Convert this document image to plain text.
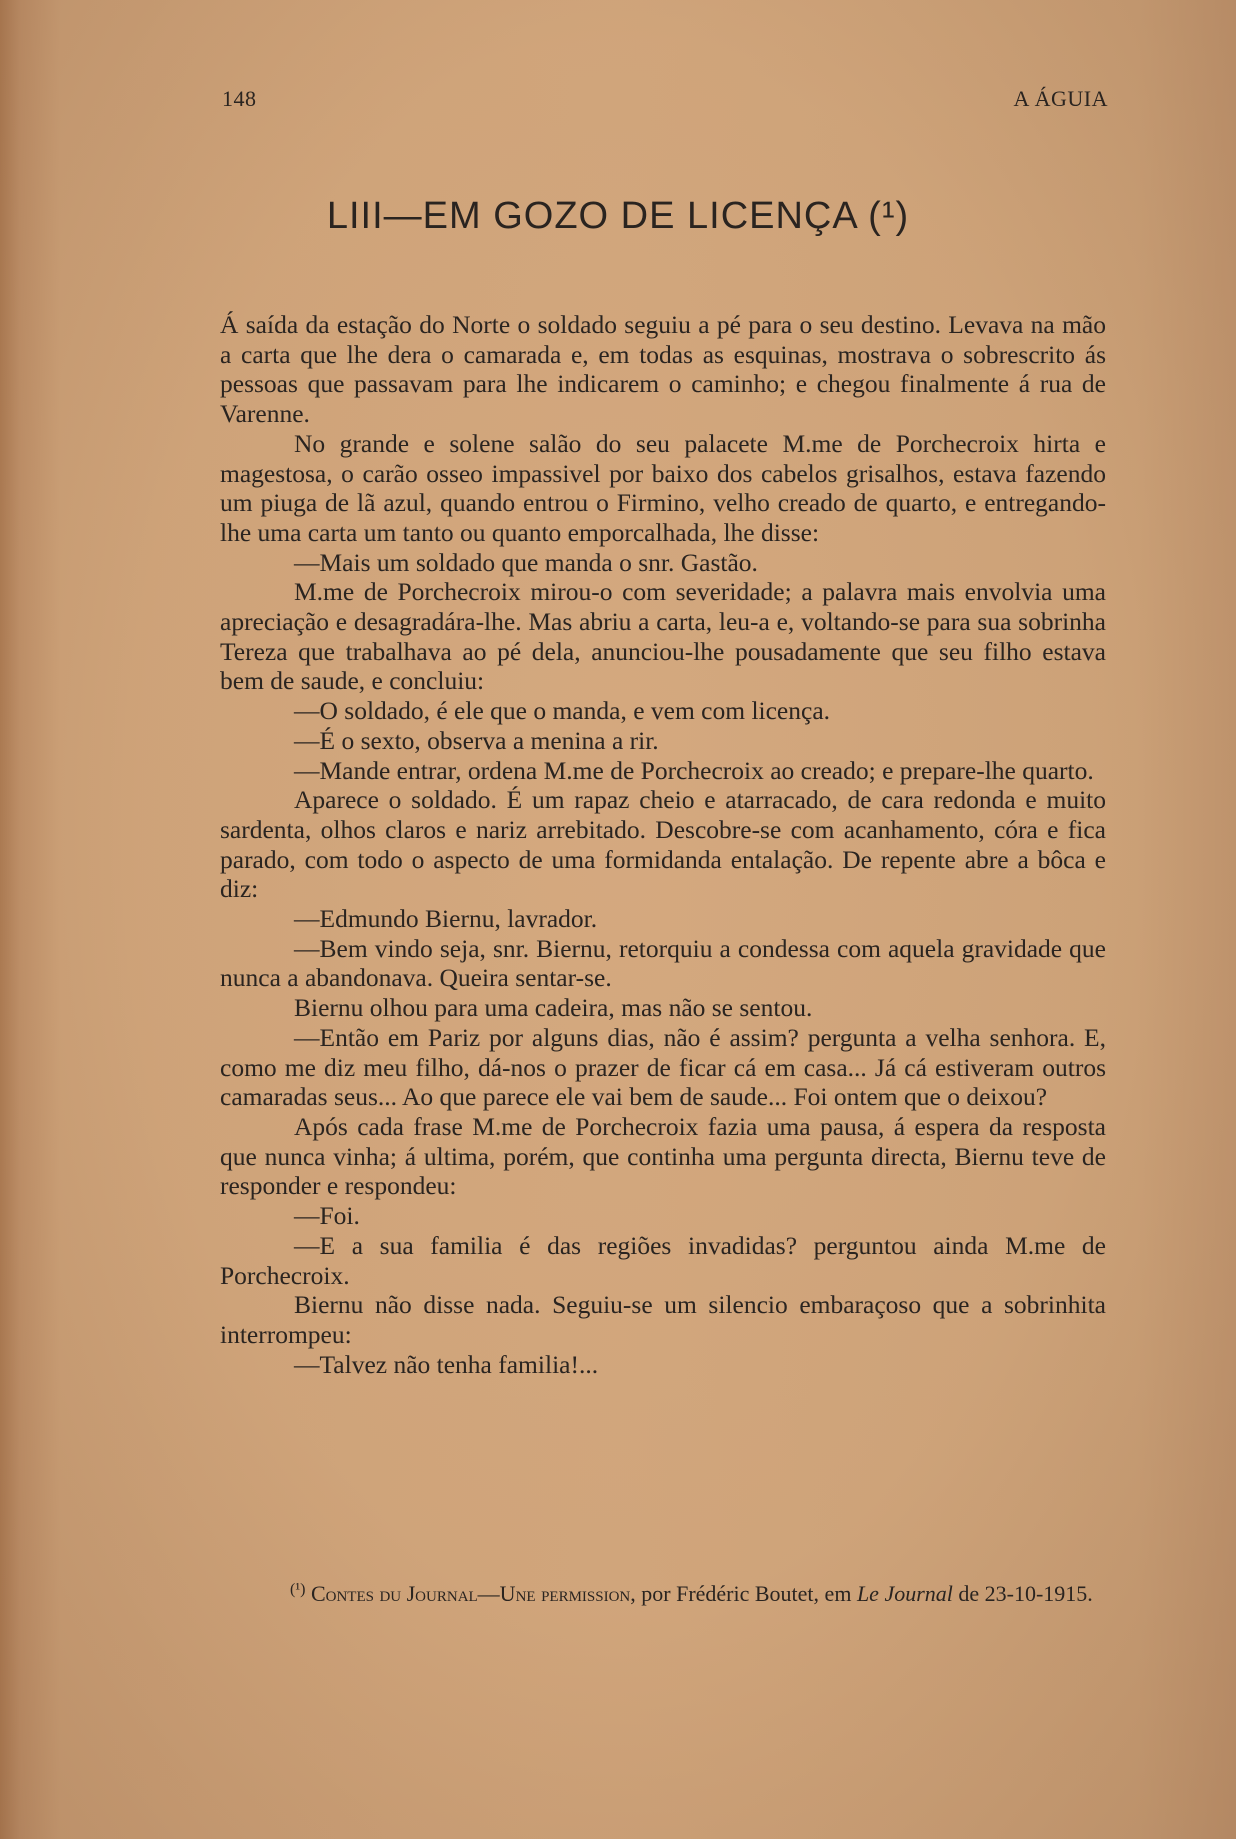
148	A ÁGUIA
LIII—EM GOZO DE LICENÇA (¹)

Á saída da estação do Norte o soldado seguiu a pé para o seu destino. Levava na mão a carta que lhe dera o camarada e, em todas as esquinas, mostrava o sobrescrito ás pessoas que passavam para lhe indicarem o caminho; e chegou finalmente á rua de Varenne.

No grande e solene salão do seu palacete M.me de Porchecroix hirta e magestosa, o carão osseo impassivel por baixo dos cabelos grisalhos, estava fazendo um piuga de lã azul, quando entrou o Firmino, velho creado de quarto, e entregando-lhe uma carta um tanto ou quanto emporcalhada, lhe disse:

—Mais um soldado que manda o snr. Gastão.

M.me de Porchecroix mirou-o com severidade; a palavra mais envolvia uma apreciação e desagradára-lhe. Mas abriu a carta, leu-a e, voltando-se para sua sobrinha Tereza que trabalhava ao pé dela, anunciou-lhe pousadamente que seu filho estava bem de saude, e concluiu:

—O soldado, é ele que o manda, e vem com licença.

—É o sexto, observa a menina a rir.

—Mande entrar, ordena M.me de Porchecroix ao creado; e prepare-lhe quarto.

Aparece o soldado. É um rapaz cheio e atarracado, de cara redonda e muito sardenta, olhos claros e nariz arrebitado. Descobre-se com acanhamento, córa e fica parado, com todo o aspecto de uma formidanda entalação. De repente abre a bôca e diz:

—Edmundo Biernu, lavrador.

—Bem vindo seja, snr. Biernu, retorquiu a condessa com aquela gravidade que nunca a abandonava. Queira sentar-se.

Biernu olhou para uma cadeira, mas não se sentou.

—Então em Pariz por alguns dias, não é assim? pergunta a velha senhora. E, como me diz meu filho, dá-nos o prazer de ficar cá em casa... Já cá estiveram outros camaradas seus... Ao que parece ele vai bem de saude... Foi ontem que o deixou?

Após cada frase M.me de Porchecroix fazia uma pausa, á espera da resposta que nunca vinha; á ultima, porém, que continha uma pergunta directa, Biernu teve de responder e respondeu:

—Foi.

—E a sua familia é das regiões invadidas? perguntou ainda M.me de Porchecroix.

Biernu não disse nada. Seguiu-se um silencio embaraçoso que a sobrinhita interrompeu:

—Talvez não tenha familia!...

$^{(^1)}$ Contes du Journal—Une permission, por Frédéric Boutet, em Le Journal de 23-10-1915.
